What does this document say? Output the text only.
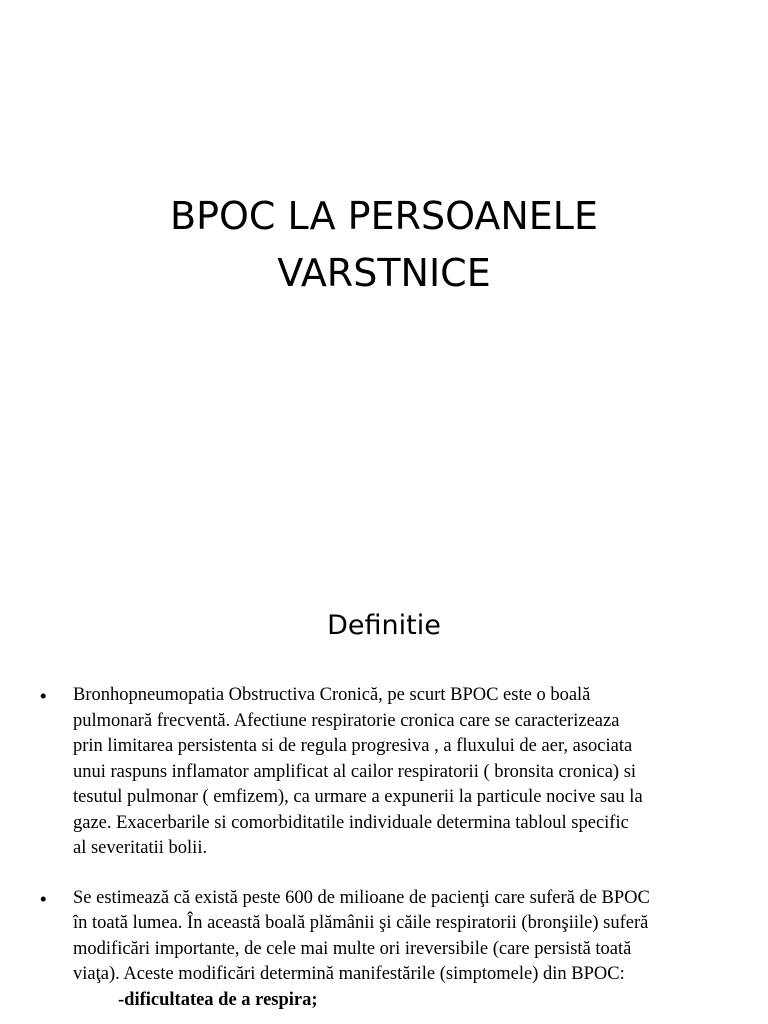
BPOC LA PERSOANELE
VARSTNICE
Definitie
• Bronhopneumopatia Obstructiva Cronică, pe scurt BPOC este o boală
pulmonară frecventă. Afectiune respiratorie cronica care se caracterizeaza
prin limitarea persistenta si de regula progresiva , a fluxului de aer, asociata
unui raspuns inflamator amplificat al cailor respiratorii ( bronsita cronica) si
tesutul pulmonar ( emfizem), ca urmare a expunerii la particule nocive sau la
gaze. Exacerbarile si comorbiditatile individuale determina tabloul specific
al severitatii bolii.
• Se estimează că există peste 600 de milioane de pacienţi care suferă de BPOC
în toată lumea. În această boală plămânii şi căile respiratorii (bronşiile) suferă
modificări importante, de cele mai multe ori ireversibile (care persistă toată
viaţa). Aceste modificări determină manifestările (simptomele) din BPOC:
-dificultatea de a respira;
